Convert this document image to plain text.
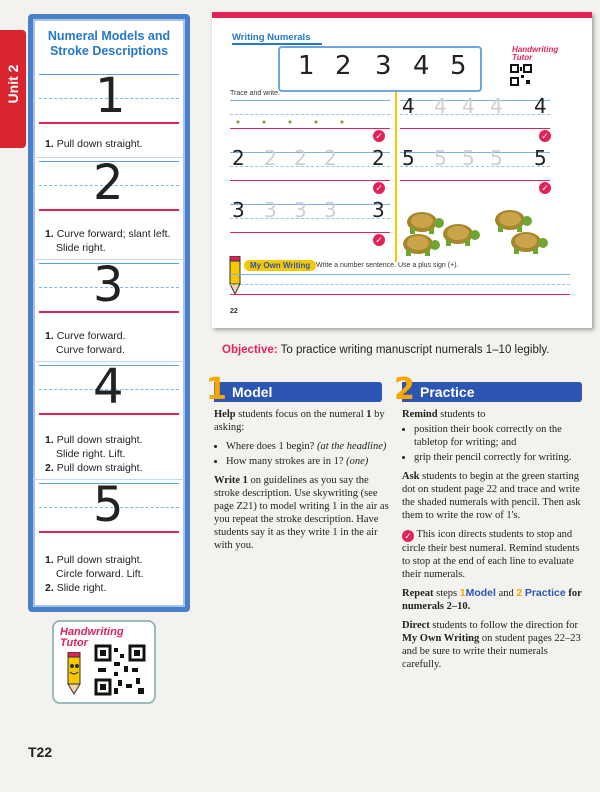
Unit 2
Numeral Models and
Stroke Descriptions
1
1. Pull down straight.
2
1. Curve forward; slant left.
Slide right.
3
1. Curve forward.
Curve forward.
4
1. Pull down straight.
Slide right. Lift.
2. Pull down straight.
5
1. Pull down straight.
Circle forward. Lift.
2. Slide right.
Handwriting
Tutor
Writing Numerals
1 2 3 4 5
Handwriting
Tutor
Trace and write.
2 2 2 2 2
3 3 3 3 3
4 4 4 4 4
5 5 5 5 5
✓
✓
✓
✓
✓
My Own Writing Write a number sentence. Use a plus sign (+).
22
Objective: To practice writing manuscript numerals 1–10 legibly.
1 Model

Help students focus on the numeral 1 by asking:

• Where does 1 begin? (at the headline)
• How many strokes are in 1? (one)

Write 1 on guidelines as you say the stroke description. Use skywriting (see page Z21) to model writing 1 in the air as you repeat the stroke description. Have students say it as they write 1 in the air with you.

2 Practice

Remind students to

• position their book correctly on the tabletop for writing; and
• grip their pencil correctly for writing.

Ask students to begin at the green starting dot on student page 22 and trace and write the shaded numerals with pencil. Then ask them to write the row of 1's.

✓ This icon directs students to stop and circle their best numeral. Remind students to stop at the end of each line to evaluate their numerals.

Repeat steps 1Model and 2 Practice for numerals 2–10.

Direct students to follow the direction for My Own Writing on student pages 22–23 and be sure to write their numerals carefully.

T22
